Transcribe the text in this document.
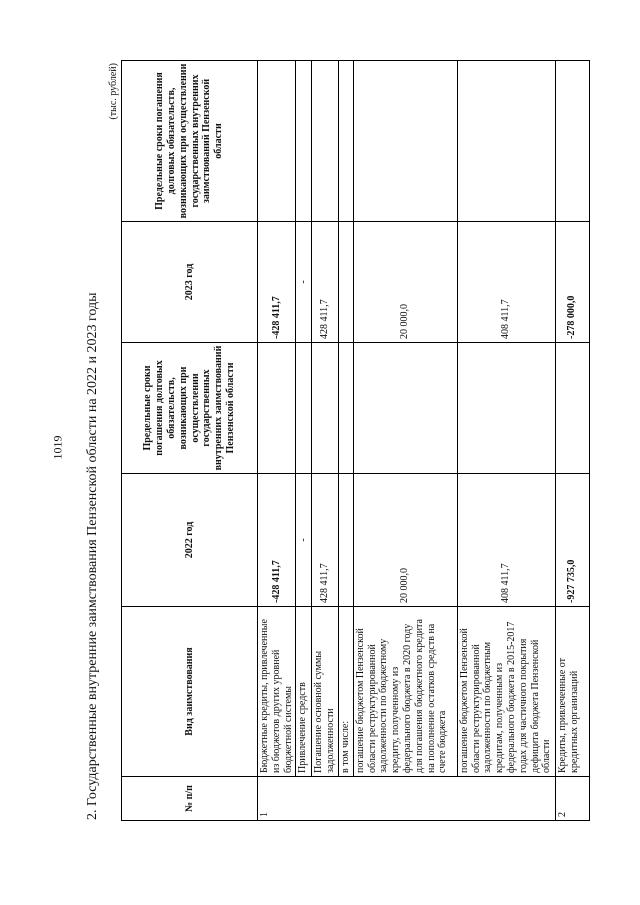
1019 2. Государственные внутренние заимствования Пензенской области на 2022 и 2023 годы
(тыс. рублей)
№ п/п	Вид заимствования	2022 год	Предельные сроки погашения долговых обязательств, возникающих при осуществлении государственных внутренних заимствований Пензенской области	2023 год	Предельные сроки погашения долговых обязательств, возникающих при осуществлении государственных внутренних заимствований Пензенской области
1	Бюджетные кредиты, привлеченные из бюджетов других уровней бюджетной системы	-428 411,7		-428 411,7	
	Привлечение средств	-		-	
	Погашение основной суммы задолженности	428 411,7		428 411,7	
	в том числе:				
	погашение бюджетом Пензенской области реструктурированной задолженности по бюджетному кредиту, полученному из федерального бюджета в 2020 году для погашения бюджетного кредита на пополнение остатков средств на счете бюджета	20 000,0		20 000,0	
	погашение бюджетом Пензенской области реструктурированной задолженности по бюджетным кредитам, полученным из федерального бюджета в 2015-2017 годах для частичного покрытия дефицита бюджета Пензенской области	408 411,7		408 411,7	
2	Кредиты, привлеченные от кредитных организаций	-927 735,0		-278 000,0	
